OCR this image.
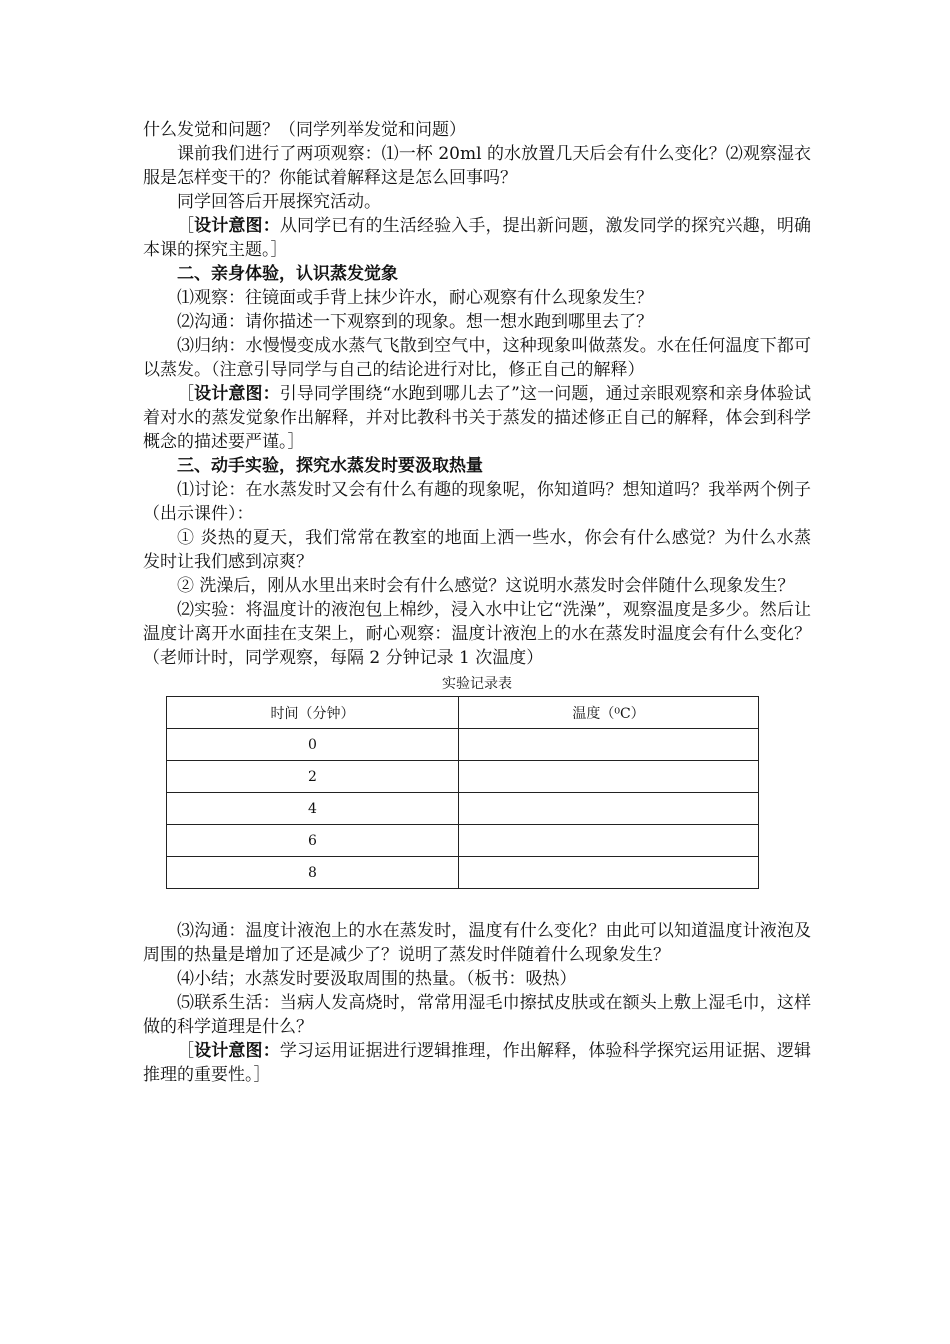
什么发觉和问题？（同学列举发觉和问题）

课前我们进行了两项观察：⑴一杯 20ml 的水放置几天后会有什么变化？⑵观察湿衣服是怎样变干的？你能试着解释这是怎么回事吗？

同学回答后开展探究活动。

［设计意图：从同学已有的生活经验入手，提出新问题，激发同学的探究兴趣，明确本课的探究主题。］

二、亲身体验，认识蒸发觉象

⑴观察：往镜面或手背上抹少许水，耐心观察有什么现象发生？

⑵沟通：请你描述一下观察到的现象。想一想水跑到哪里去了？

⑶归纳：水慢慢变成水蒸气飞散到空气中，这种现象叫做蒸发。水在任何温度下都可以蒸发。（注意引导同学与自己的结论进行对比，修正自己的解释）

［设计意图：引导同学围绕“水跑到哪儿去了”这一问题，通过亲眼观察和亲身体验试着对水的蒸发觉象作出解释，并对比教科书关于蒸发的描述修正自己的解释，体会到科学概念的描述要严谨。］

三、动手实验，探究水蒸发时要汲取热量

⑴讨论：在水蒸发时又会有什么有趣的现象呢，你知道吗？想知道吗？我举两个例子（出示课件）：

① 炎热的夏天，我们常常在教室的地面上洒一些水，你会有什么感觉？为什么水蒸发时让我们感到凉爽？

② 洗澡后，刚从水里出来时会有什么感觉？这说明水蒸发时会伴随什么现象发生？

⑵实验：将温度计的液泡包上棉纱，浸入水中让它“洗澡”，观察温度是多少。然后让温度计离开水面挂在支架上，耐心观察：温度计液泡上的水在蒸发时温度会有什么变化？（老师计时，同学观察，每隔 2 分钟记录 1 次温度）

实验记录表
时间（分钟）	温度（⁰C）
0	
2	
4	
6	
8	

⑶沟通：温度计液泡上的水在蒸发时，温度有什么变化？由此可以知道温度计液泡及周围的热量是增加了还是减少了？说明了蒸发时伴随着什么现象发生？

⑷小结；水蒸发时要汲取周围的热量。（板书：吸热）

⑸联系生活：当病人发高烧时，常常用湿毛巾擦拭皮肤或在额头上敷上湿毛巾，这样做的科学道理是什么？

［设计意图：学习运用证据进行逻辑推理，作出解释，体验科学探究运用证据、逻辑推理的重要性。］
